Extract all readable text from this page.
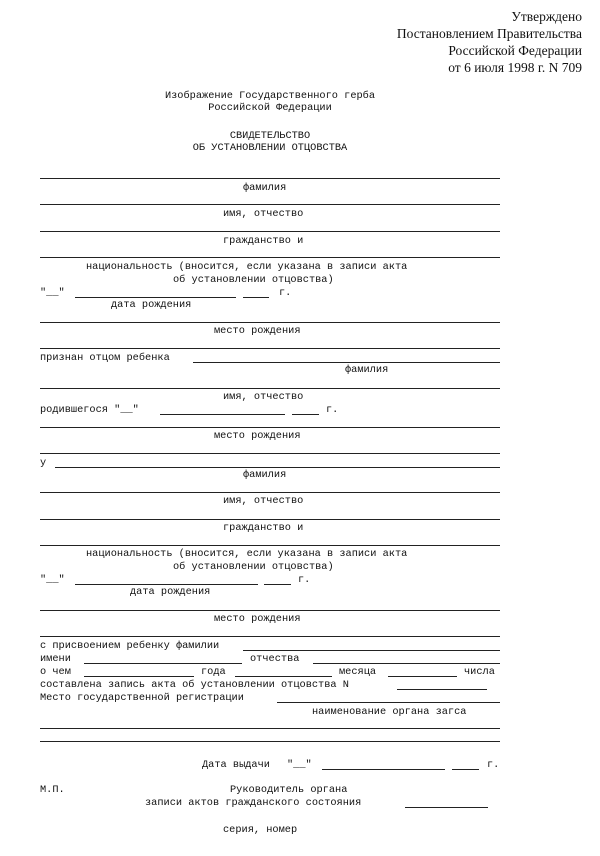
Утверждено
Постановлением Правительства
Российской Федерации
от 6 июля 1998 г. N 709
Изображение Государственного герба
Российской Федерации
СВИДЕТЕЛЬСТВО
ОБ УСТАНОВЛЕНИИ ОТЦОВСТВА
фамилия
имя, отчество
гражданство и
национальность (вносится, если указана в записи акта
об установлении отцовства)
"__"	г.
дата рождения
место рождения
признан отцом ребенка
фамилия
имя, отчество
родившегося "__"	г.
место рождения
у
фамилия
имя, отчество
гражданство и
национальность (вносится, если указана в записи акта
об установлении отцовства)
"__"	г.
дата рождения
место рождения
с присвоением ребенку фамилии
имени	отчества
о чем	года	месяца	числа
составлена запись акта об установлении отцовства N
Место государственной регистрации
наименование органа загса
Дата выдачи "__"	г.
М.П.	Руководитель органа
записи актов гражданского состояния
серия, номер
